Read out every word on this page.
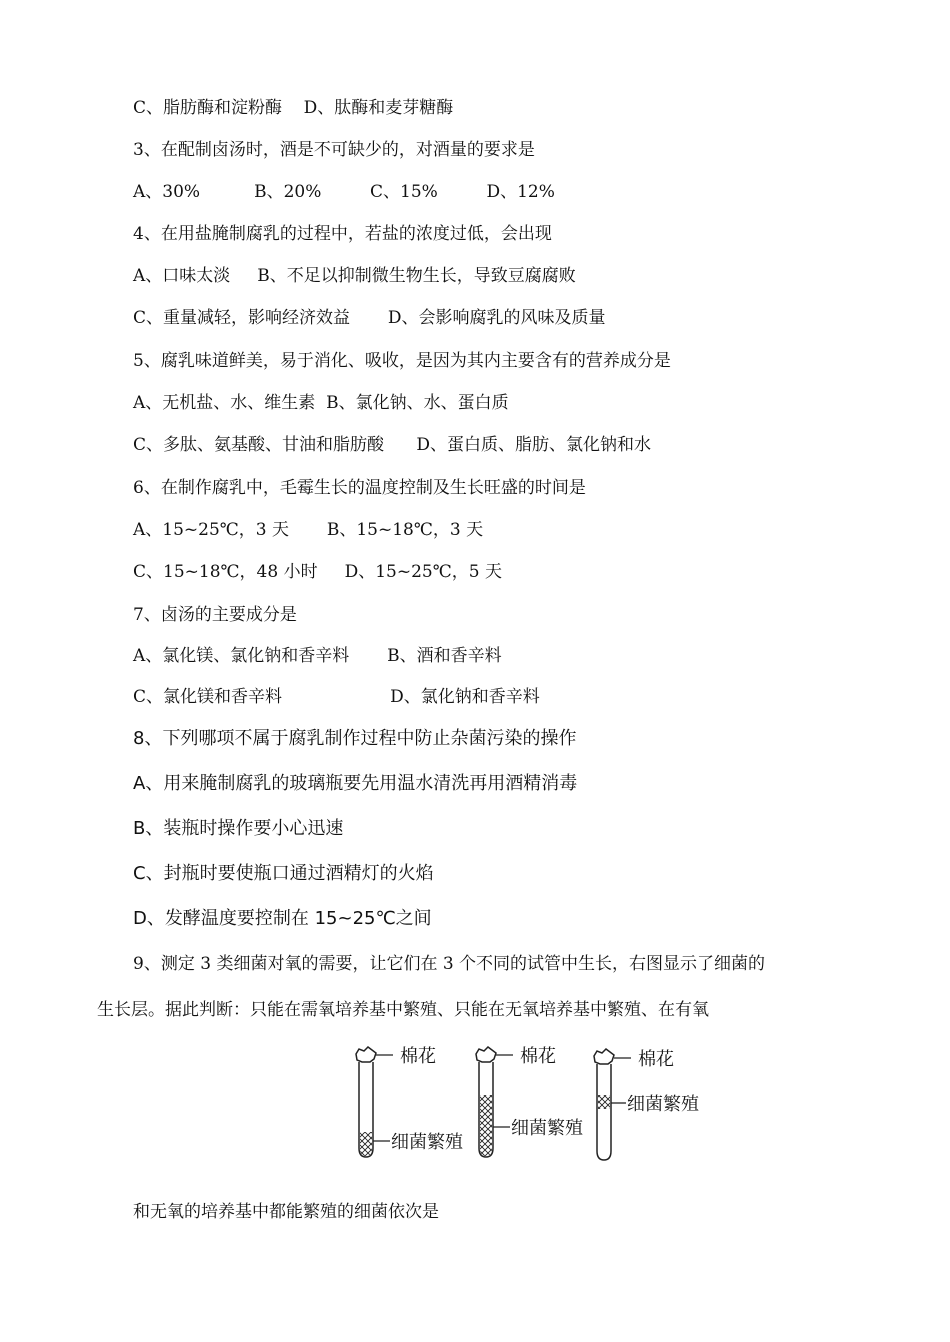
C、脂肪酶和淀粉酶    D、肽酶和麦芽糖酶
3、在配制卤汤时，酒是不可缺少的，对酒量的要求是
A、30%          B、20%         C、15%         D、12%
4、在用盐腌制腐乳的过程中，若盐的浓度过低，会出现
A、口味太淡     B、不足以抑制微生物生长，导致豆腐腐败
C、重量减轻，影响经济效益       D、会影响腐乳的风味及质量
5、腐乳味道鲜美，易于消化、吸收，是因为其内主要含有的营养成分是
A、无机盐、水、维生素  B、氯化钠、水、蛋白质
C、多肽、氨基酸、甘油和脂肪酸      D、蛋白质、脂肪、氯化钠和水
6、在制作腐乳中，毛霉生长的温度控制及生长旺盛的时间是
A、15~25℃，3 天       B、15~18℃，3 天
C、15~18℃，48 小时     D、15~25℃，5 天
7、卤汤的主要成分是
A、氯化镁、氯化钠和香辛料       B、酒和香辛料
C、氯化镁和香辛料                    D、氯化钠和香辛料
8、下列哪项不属于腐乳制作过程中防止杂菌污染的操作
A、用来腌制腐乳的玻璃瓶要先用温水清洗再用酒精消毒
B、装瓶时操作要小心迅速
C、封瓶时要使瓶口通过酒精灯的火焰
D、发酵温度要控制在 15~25℃之间
9、测定 3 类细菌对氧的需要，让它们在 3 个不同的试管中生长，右图显示了细菌的
生长层。据此判断：只能在需氧培养基中繁殖、只能在无氧培养基中繁殖、在有氧
棉花
细菌繁殖
棉花
细菌繁殖
棉花
细菌繁殖
和无氧的培养基中都能繁殖的细菌依次是
